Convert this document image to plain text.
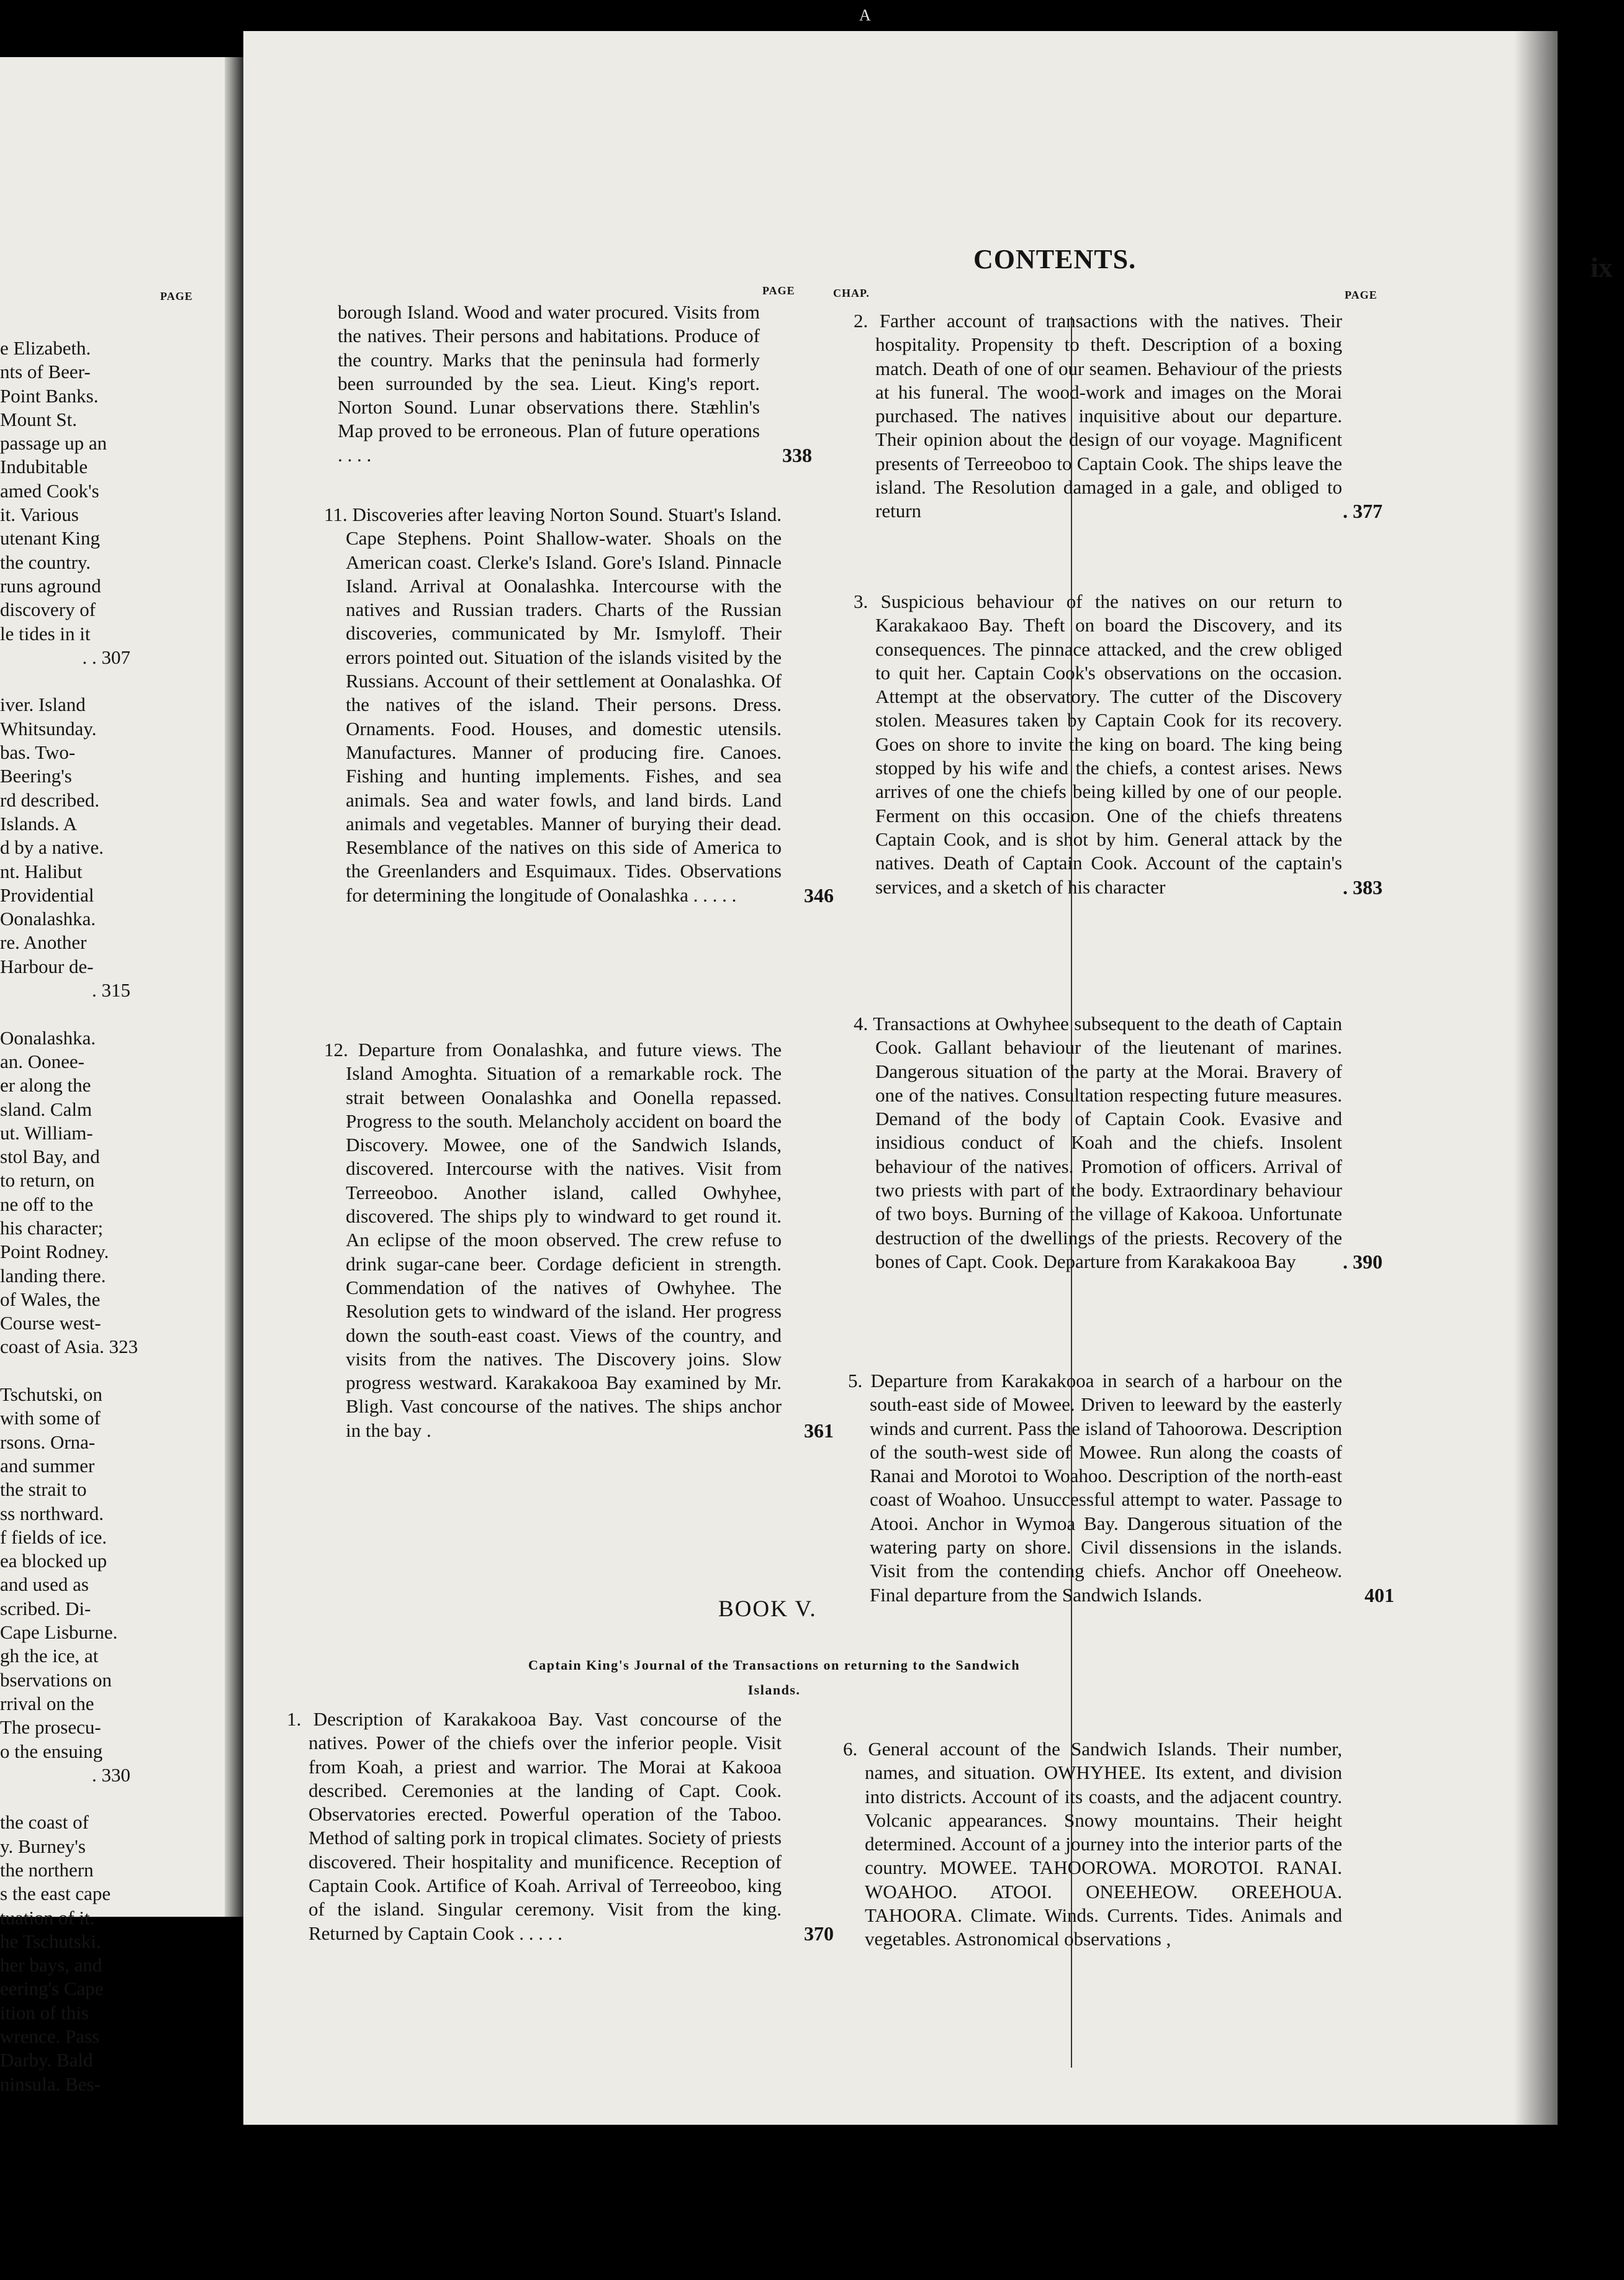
PAGE
e Elizabeth.
nts of Beer-
Point Banks.
Mount St.
passage up an
Indubitable
amed Cook's
it. Various
utenant King
the country.
runs aground
discovery of
le tides in it
. . 307
iver. Island
Whitsunday.
bas. Two-
Beering's
rd described.
Islands. A
d by a native.
nt. Halibut
Providential
Oonalashka.
re. Another
Harbour de-
. 315
Oonalashka.
an. Oonee-
er along the
sland. Calm
ut. William-
stol Bay, and
to return, on
ne off to the
his character;
Point Rodney.
landing there.
of Wales, the
Course west-
coast of Asia. 323
Tschutski, on
with some of
rsons. Orna-
and summer
the strait to
ss northward.
f fields of ice.
ea blocked up
and used as
scribed. Di-
Cape Lisburne.
gh the ice, at
bservations on
rrival on the
The prosecu-
o the ensuing
. 330
the coast of
y. Burney's
the northern
s the east cape
tuation of it.
he Tschutski.
her bays, and
eering's Cape
ition of this
wrence. Pass
Darby. Bald
ninsula. Bes-
CONTENTS.	ix
PAGE	CHAP.	PAGE
borough Island. Wood and water procured. Visits from the natives. Their persons and habitations. Produce of the country. Marks that the peninsula had formerly been surrounded by the sea. Lieut. King's report. Norton Sound. Lunar observations there. Stæhlin's Map proved to be erroneous. Plan of future operations . . . .	338
11. Discoveries after leaving Norton Sound. Stuart's Island. Cape Stephens. Point Shallow-water. Shoals on the American coast. Clerke's Island. Gore's Island. Pinnacle Island. Arrival at Oonalashka. Intercourse with the natives and Russian traders. Charts of the Russian discoveries, communicated by Mr. Ismyloff. Their errors pointed out. Situation of the islands visited by the Russians. Account of their settlement at Oonalashka. Of the natives of the island. Their persons. Dress. Ornaments. Food. Houses, and domestic utensils. Manufactures. Manner of producing fire. Canoes. Fishing and hunting implements. Fishes, and sea animals. Sea and water fowls, and land birds. Land animals and vegetables. Manner of burying their dead. Resemblance of the natives on this side of America to the Greenlanders and Esquimaux. Tides. Observations for determining the longitude of Oonalashka . . . . .	346
12. Departure from Oonalashka, and future views. The Island Amoghta. Situation of a remarkable rock. The strait between Oonalashka and Oonella repassed. Progress to the south. Melancholy accident on board the Discovery. Mowee, one of the Sandwich Islands, discovered. Intercourse with the natives. Visit from Terreeoboo. Another island, called Owhyhee, discovered. The ships ply to windward to get round it. An eclipse of the moon observed. The crew refuse to drink sugar-cane beer. Cordage deficient in strength. Commendation of the natives of Owhyhee. The Resolution gets to windward of the island. Her progress down the south-east coast. Views of the country, and visits from the natives. The Discovery joins. Slow progress westward. Karakakooa Bay examined by Mr. Bligh. Vast concourse of the natives. The ships anchor in the bay .	361
BOOK V.
Captain King's Journal of the Transactions on returning to the Sandwich Islands.
1. Description of Karakakooa Bay. Vast concourse of the natives. Power of the chiefs over the inferior people. Visit from Koah, a priest and warrior. The Morai at Kakooa described. Ceremonies at the landing of Capt. Cook. Observatories erected. Powerful operation of the Taboo. Method of salting pork in tropical climates. Society of priests discovered. Their hospitality and munificence. Reception of Captain Cook. Artifice of Koah. Arrival of Terreeoboo, king of the island. Singular ceremony. Visit from the king. Returned by Captain Cook . . . . .	370
2. Farther account of transactions with the natives. Their hospitality. Propensity to theft. Description of a boxing match. Death of one of our seamen. Behaviour of the priests at his funeral. The wood-work and images on the Morai purchased. The natives inquisitive about our departure. Their opinion about the design of our voyage. Magnificent presents of Terreeoboo to Captain Cook. The ships leave the island. The Resolution damaged in a gale, and obliged to return	. 377
3. Suspicious behaviour of the natives on our return to Karakakaoo Bay. Theft on board the Discovery, and its consequences. The pinnace attacked, and the crew obliged to quit her. Captain Cook's observations on the occasion. Attempt at the observatory. The cutter of the Discovery stolen. Measures taken by Captain Cook for its recovery. Goes on shore to invite the king on board. The king being stopped by his wife and the chiefs, a contest arises. News arrives of one the chiefs being killed by one of our people. Ferment on this occasion. One of the chiefs threatens Captain Cook, and is shot by him. General attack by the natives. Death of Captain Cook. Account of the captain's services, and a sketch of his character	. 383
4. Transactions at Owhyhee subsequent to the death of Captain Cook. Gallant behaviour of the lieutenant of marines. Dangerous situation of the party at the Morai. Bravery of one of the natives. Consultation respecting future measures. Demand of the body of Captain Cook. Evasive and insidious conduct of Koah and the chiefs. Insolent behaviour of the natives. Promotion of officers. Arrival of two priests with part of the body. Extraordinary behaviour of two boys. Burning of the village of Kakooa. Unfortunate destruction of the dwellings of the priests. Recovery of the bones of Capt. Cook. Departure from Karakakooa Bay . 390
5. Departure from Karakakooa in search of a harbour on the south-east side of Mowee. Driven to leeward by the easterly winds and current. Pass the island of Tahoorowa. Description of the south-west side of Mowee. Run along the coasts of Ranai and Morotoi to Woahoo. Description of the north-east coast of Woahoo. Unsuccessful attempt to water. Passage to Atooi. Anchor in Wymoa Bay. Dangerous situation of the watering party on shore. Civil dissensions in the islands. Visit from the contending chiefs. Anchor off Oneeheow. Final departure from the Sandwich Islands.	401
6. General account of the Sandwich Islands. Their number, names, and situation. OWHYHEE. Its extent, and division into districts. Account of its coasts, and the adjacent country. Volcanic appearances. Snowy mountains. Their height determined. Account of a journey into the interior parts of the country. MOWEE. TAHOOROWA. MOROTOI. RANAI. WOAHOO. ATOOI. ONEEHEOW. OREEHOUA. TAHOORA. Climate. Winds. Currents. Tides. Animals and vegetables. Astronomical observations ,
A
